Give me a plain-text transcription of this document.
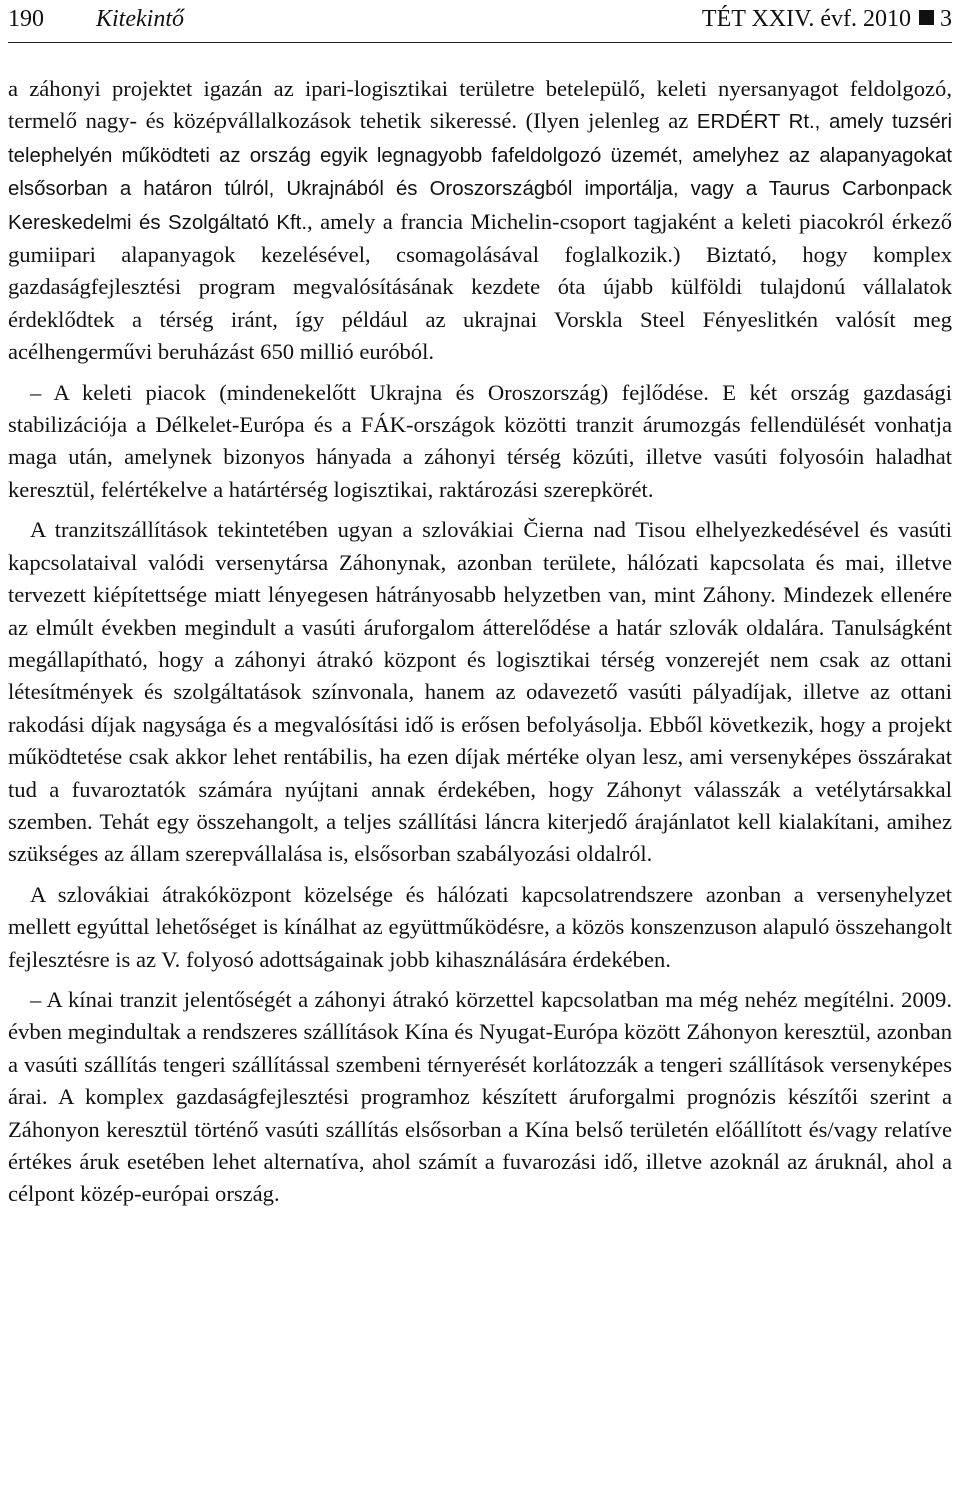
190 Kitekintő	TÉT XXIV. évf. 2010 3

a záhonyi projektet igazán az ipari-logisztikai területre betelepülő, keleti nyersanyagot feldolgozó, termelő nagy- és középvállalkozások tehetik sikeressé. (Ilyen jelenleg az ERDÉRT Rt., amely tuzséri telephelyén működteti az ország egyik legnagyobb fafeldolgozó üzemét, amelyhez az alapanyagokat elsősorban a határon túlról, Ukrajnából és Oroszországból importálja, vagy a Taurus Carbonpack Kereskedelmi és Szolgáltató Kft., amely a francia Michelin-csoport tagjaként a keleti piacokról érkező gumiipari alapanyagok kezelésével, csomagolásával foglalkozik.) Biztató, hogy komplex gazdaságfejlesztési program megvalósításának kezdete óta újabb külföldi tulajdonú vállalatok érdeklődtek a térség iránt, így például az ukrajnai Vorskla Steel Fényeslitkén valósít meg acélhengerművi beruházást 650 millió euróból.

– A keleti piacok (mindenekelőtt Ukrajna és Oroszország) fejlődése. E két ország gazdasági stabilizációja a Délkelet-Európa és a FÁK-országok közötti tranzit árumozgás fellendülését vonhatja maga után, amelynek bizonyos hányada a záhonyi térség közúti, illetve vasúti folyosóin haladhat keresztül, felértékelve a határtérség logisztikai, raktározási szerepkörét.

A tranzitszállítások tekintetében ugyan a szlovákiai Čierna nad Tisou elhelyezkedésével és vasúti kapcsolataival valódi versenytársa Záhonynak, azonban területe, hálózati kapcsolata és mai, illetve tervezett kiépítettsége miatt lényegesen hátrányosabb helyzetben van, mint Záhony. Mindezek ellenére az elmúlt években megindult a vasúti áruforgalom átterelődése a határ szlovák oldalára. Tanulságként megállapítható, hogy a záhonyi átrakó központ és logisztikai térség vonzerejét nem csak az ottani létesítmények és szolgáltatások színvonala, hanem az odavezető vasúti pályadíjak, illetve az ottani rakodási díjak nagysága és a megvalósítási idő is erősen befolyásolja. Ebből következik, hogy a projekt működtetése csak akkor lehet rentábilis, ha ezen díjak mértéke olyan lesz, ami versenyképes összárakat tud a fuvaroztatók számára nyújtani annak érdekében, hogy Záhonyt válasszák a vetélytársakkal szemben. Tehát egy összehangolt, a teljes szállítási láncra kiterjedő árajánlatot kell kialakítani, amihez szükséges az állam szerepvállalása is, elsősorban szabályozási oldalról.

A szlovákiai átrakóközpont közelsége és hálózati kapcsolatrendszere azonban a versenyhelyzet mellett egyúttal lehetőséget is kínálhat az együttműködésre, a közös konszenzuson alapuló összehangolt fejlesztésre is az V. folyosó adottságainak jobb kihasználására érdekében.

– A kínai tranzit jelentőségét a záhonyi átrakó körzettel kapcsolatban ma még nehéz megítélni. 2009. évben megindultak a rendszeres szállítások Kína és Nyugat-Európa között Záhonyon keresztül, azonban a vasúti szállítás tengeri szállítással szembeni térnyerését korlátozzák a tengeri szállítások versenyképes árai. A komplex gazdaságfejlesztési programhoz készített áruforgalmi prognózis készítői szerint a Záhonyon keresztül történő vasúti szállítás elsősorban a Kína belső területén előállított és/vagy relatíve értékes áruk esetében lehet alternatíva, ahol számít a fuvarozási idő, illetve azoknál az áruknál, ahol a célpont közép-európai ország.
